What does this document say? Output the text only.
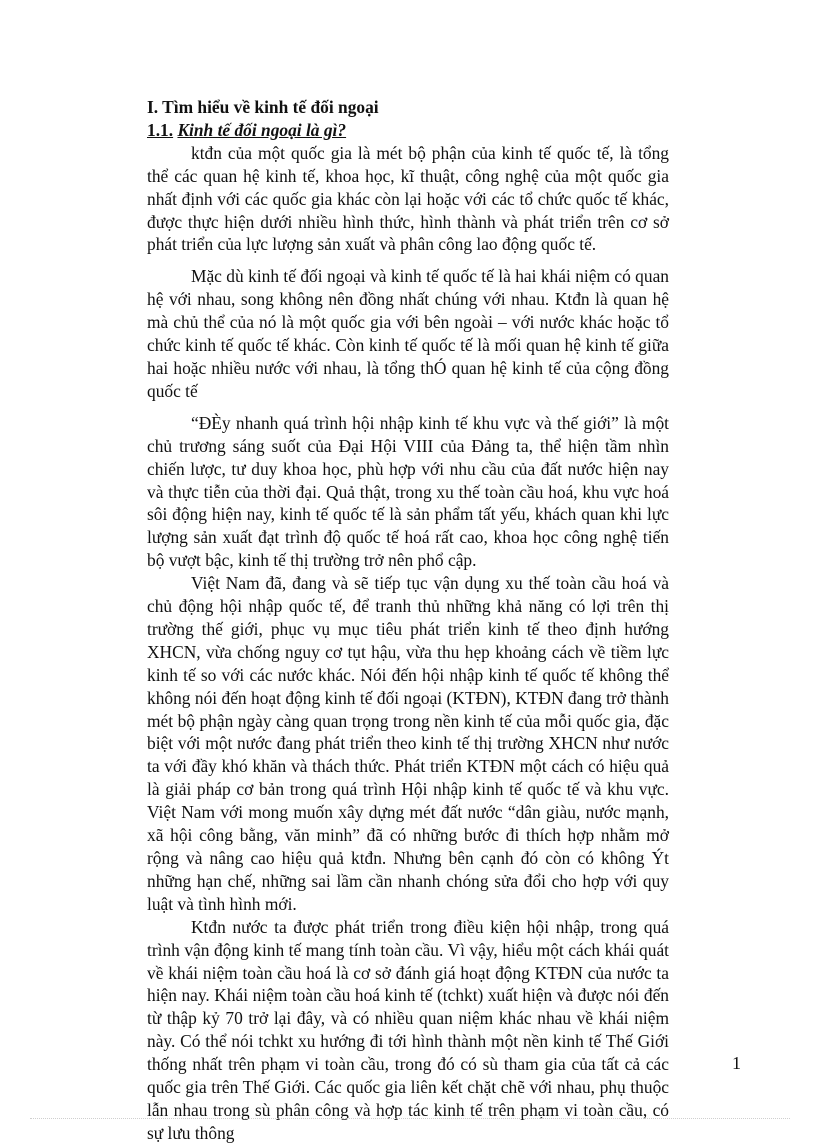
I. Tìm hiểu về kinh tế đối ngoại

1.1. Kinh tế đối ngoại là gì?

ktđn của một quốc gia là mét bộ phận của kinh tế quốc tế, là tổng thể các quan hệ kinh tế, khoa học, kĩ thuật, công nghệ của một quốc gia nhất định với các quốc gia khác còn lại hoặc với các tổ chức quốc tế khác, được thực hiện dưới nhiều hình thức, hình thành và phát triển trên cơ sở phát triển của lực lượng sản xuất và phân công lao động quốc tế.

Mặc dù kinh tế đối ngoại và kinh tế quốc tế là hai khái niệm có quan hệ với nhau, song không nên đồng nhất chúng với nhau. Ktđn là quan hệ mà chủ thể của nó là một quốc gia với bên ngoài – với nước khác hoặc tổ chức kinh tế quốc tế khác. Còn kinh tế quốc tế là mối quan hệ kinh tế giữa hai hoặc nhiều nước với nhau, là tổng thÓ quan hệ kinh tế của cộng đồng quốc tế

“ĐÈy nhanh quá trình hội nhập kinh tế khu vực và thế giới” là một chủ trương sáng suốt của Đại Hội VIII của Đảng ta, thể hiện tầm nhìn chiến lược, tư duy khoa học, phù hợp với nhu cầu của đất nước hiện nay và thực tiễn của thời đại. Quả thật, trong xu thế toàn cầu hoá, khu vực hoá sôi động hiện nay, kinh tế quốc tế là sản phẩm tất yếu, khách quan khi lực lượng sản xuất đạt trình độ quốc tế hoá rất cao, khoa học công nghệ tiến bộ vượt bậc, kinh tế thị trường trở nên phổ cập.

Việt Nam đã, đang và sẽ tiếp tục vận dụng xu thế toàn cầu hoá và chủ động hội nhập quốc tế, để tranh thủ những khả năng có lợi trên thị trường thế giới, phục vụ mục tiêu phát triển kinh tế theo định hướng XHCN, vừa chống nguy cơ tụt hậu, vừa thu hẹp khoảng cách về tiềm lực kinh tế so với các nước khác. Nói đến hội nhập kinh tế quốc tế không thể không nói đến hoạt động kinh tế đối ngoại (KTĐN), KTĐN đang trở thành mét bộ phận ngày càng quan trọng trong nền kinh tế của mỗi quốc gia, đặc biệt với một nước đang phát triển theo kinh tế thị trường XHCN như nước ta với đầy khó khăn và thách thức. Phát triển KTĐN một cách có hiệu quả là giải pháp cơ bản trong quá trình Hội nhập kinh tế quốc tế và khu vực. Việt Nam với mong muốn xây dựng mét đất nước “dân giàu, nước mạnh, xã hội công bằng, văn minh” đã có những bước đi thích hợp nhằm mở rộng và nâng cao hiệu quả ktđn. Nhưng bên cạnh đó còn có không Ýt những hạn chế, những sai lầm cần nhanh chóng sửa đổi cho hợp với quy luật và tình hình mới.

Ktđn nước ta được phát triển trong điều kiện hội nhập, trong quá trình vận động kinh tế mang tính toàn cầu. Vì vậy, hiểu một cách khái quát về khái niệm toàn cầu hoá là cơ sở đánh giá hoạt động KTĐN của nước ta hiện nay. Khái niệm toàn cầu hoá kinh tế (tchkt) xuất hiện và được nói đến từ thập kỷ 70 trở lại đây, và có nhiều quan niệm khác nhau về khái niệm này. Có thể nói tchkt xu hướng đi tới hình thành một nền kinh tế Thế Giới thống nhất trên phạm vi toàn cầu, trong đó có sù tham gia của tất cả các quốc gia trên Thế Giới. Các quốc gia liên kết chặt chẽ với nhau, phụ thuộc lẫn nhau trong sù phân công và hợp tác kinh tế trên phạm vi toàn cầu, có sự lưu thông

1
